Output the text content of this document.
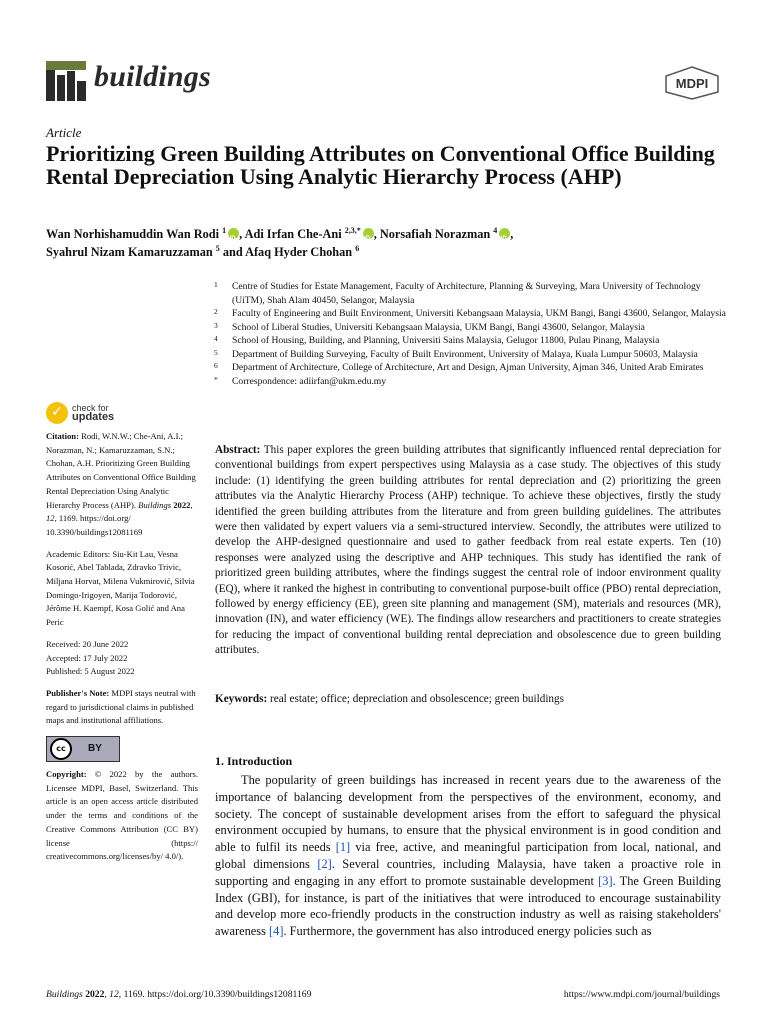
buildings	MDPI
Article
Prioritizing Green Building Attributes on Conventional Office Building Rental Depreciation Using Analytic Hierarchy Process (AHP)
Wan Norhishamuddin Wan Rodi $^1$ iD , Adi Irfan Che-Ani $^{2,3,*}$ iD , Norsafiah Norazman $^4$ iD ,
Syahrul Nizam Kamaruzzaman $^5$ and Afaq Hyder Chohan $^6$
1 Centre of Studies for Estate Management, Faculty of Architecture, Planning & Surveying, Mara University of Technology (UiTM), Shah Alam 40450, Selangor, Malaysia
2 Faculty of Engineering and Built Environment, Universiti Kebangsaan Malaysia, UKM Bangi, Bangi 43600, Selangor, Malaysia
3 School of Liberal Studies, Universiti Kebangsaan Malaysia, UKM Bangi, Bangi 43600, Selangor, Malaysia
4 School of Housing, Building, and Planning, Universiti Sains Malaysia, Gelugor 11800, Pulau Pinang, Malaysia
5 Department of Building Surveying, Faculty of Built Environment, University of Malaya, Kuala Lumpur 50603, Malaysia
6 Department of Architecture, College of Architecture, Art and Design, Ajman University, Ajman 346, United Arab Emirates
* Correspondence: adiirfan@ukm.edu.my
✓	check for
updates
Citation: Rodi, W.N.W.; Che-Ani, A.I.; Norazman, N.; Kamaruzzaman, S.N.; Chohan, A.H. Prioritizing Green Building Attributes on Conventional Office Building Rental Depreciation Using Analytic Hierarchy Process (AHP). Buildings 2022, 12, 1169. https://doi.org/ 10.3390/buildings12081169
Academic Editors: Siu-Kit Lau, Vesna Kosorić, Abel Tablada, Zdravko Trivic, Miljana Horvat, Milena Vukmirović, Silvia Domingo-Irigoyen, Marija Todorović, Jérôme H. Kaempf, Kosa Golić and Ana Peric
Received: 20 June 2022
Accepted: 17 July 2022
Published: 5 August 2022
Publisher's Note: MDPI stays neutral with regard to jurisdictional claims in published maps and institutional affiliations.
cc	BY
Copyright: © 2022 by the authors. Licensee MDPI, Basel, Switzerland. This article is an open access article distributed under the terms and conditions of the Creative Commons Attribution (CC BY) license (https:// creativecommons.org/licenses/by/ 4.0/).

Abstract: This paper explores the green building attributes that significantly influenced rental depreciation for conventional buildings from expert perspectives using Malaysia as a case study. The objectives of this study include: (1) identifying the green building attributes for rental depreciation and (2) prioritizing the green attributes via the Analytic Hierarchy Process (AHP) technique. To achieve these objectives, firstly the study identified the green building attributes from the literature and from green building guidelines. The attributes were then validated by expert valuers via a semi-structured interview. Secondly, the attributes were utilized to develop the AHP-designed questionnaire and used to gather feedback from real estate experts. Ten (10) responses were analyzed using the descriptive and AHP techniques. This study has identified the rank of prioritized green building attributes, where the findings suggest the central role of indoor environment quality (EQ), where it ranked the highest in contributing to conventional purpose-built office (PBO) rental depreciation, followed by energy efficiency (EE), green site planning and management (SM), materials and resources (MR), innovation (IN), and water efficiency (WE). The findings allow researchers and practitioners to create strategies for reducing the impact of conventional building rental depreciation and obsolescence due to green building attributes.

Keywords: real estate; office; depreciation and obsolescence; green buildings

1. Introduction

The popularity of green buildings has increased in recent years due to the awareness of the importance of balancing development from the perspectives of the environment, economy, and society. The concept of sustainable development arises from the effort to safeguard the physical environment occupied by humans, to ensure that the physical environment is in good condition and able to fulfil its needs [1] via free, active, and meaningful participation from local, national, and global dimensions [2]. Several countries, including Malaysia, have taken a proactive role in supporting and engaging in any effort to promote sustainable development [3]. The Green Building Index (GBI), for instance, is part of the initiatives that were introduced to encourage sustainability and develop more eco-friendly products in the construction industry as well as raising stakeholders' awareness [4]. Furthermore, the government has also introduced energy policies such as

Buildings 2022, 12, 1169. https://doi.org/10.3390/buildings12081169	https://www.mdpi.com/journal/buildings
